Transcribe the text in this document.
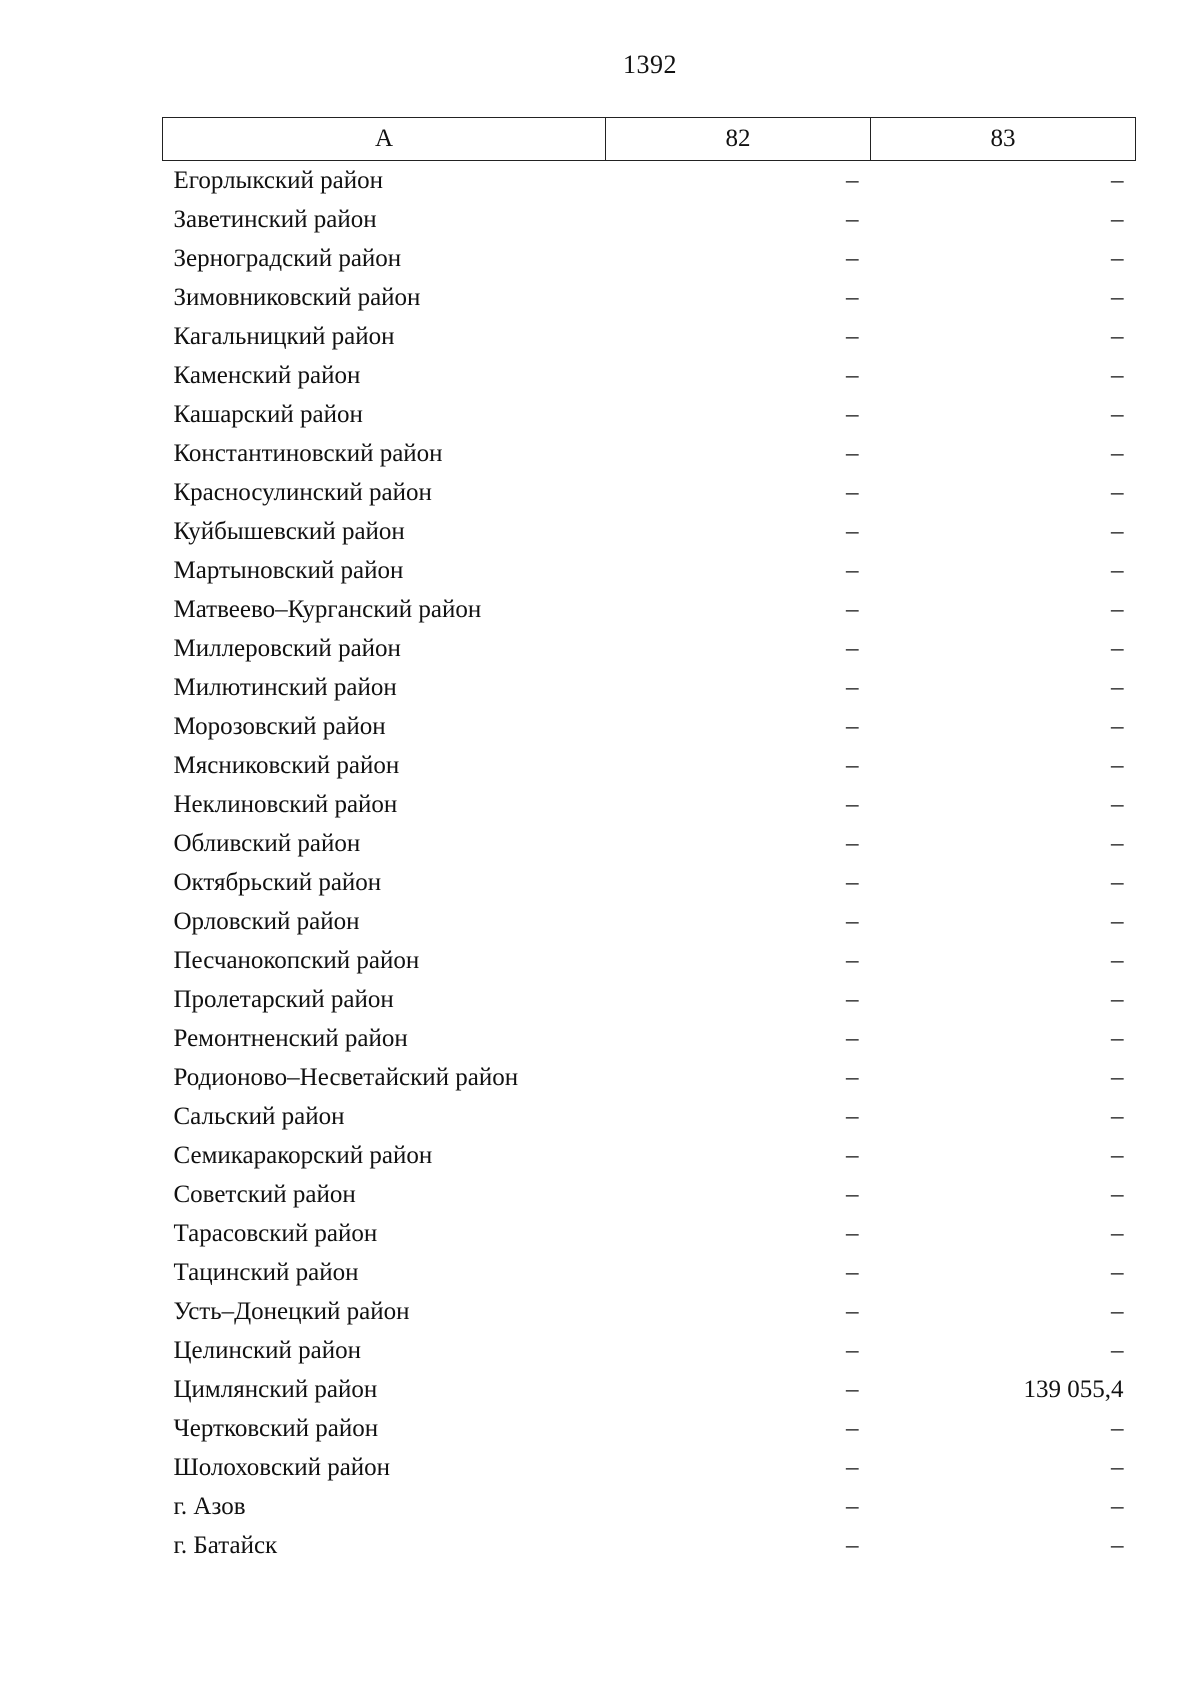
1392
А	82	83
Егорлыкский район	–	–
Заветинский район	–	–
Зерноградский район	–	–
Зимовниковский район	–	–
Кагальницкий район	–	–
Каменский район	–	–
Кашарский район	–	–
Константиновский район	–	–
Красносулинский район	–	–
Куйбышевский район	–	–
Мартыновский район	–	–
Матвеево–Курганский район	–	–
Миллеровский район	–	–
Милютинский район	–	–
Морозовский район	–	–
Мясниковский район	–	–
Неклиновский район	–	–
Обливский район	–	–
Октябрьский район	–	–
Орловский район	–	–
Песчанокопский район	–	–
Пролетарский район	–	–
Ремонтненский район	–	–
Родионово–Несветайский район	–	–
Сальский район	–	–
Семикаракорский район	–	–
Советский район	–	–
Тарасовский район	–	–
Тацинский район	–	–
Усть–Донецкий район	–	–
Целинский район	–	–
Цимлянский район	–	139 055,4
Чертковский район	–	–
Шолоховский район	–	–
г. Азов	–	–
г. Батайск	–	–
